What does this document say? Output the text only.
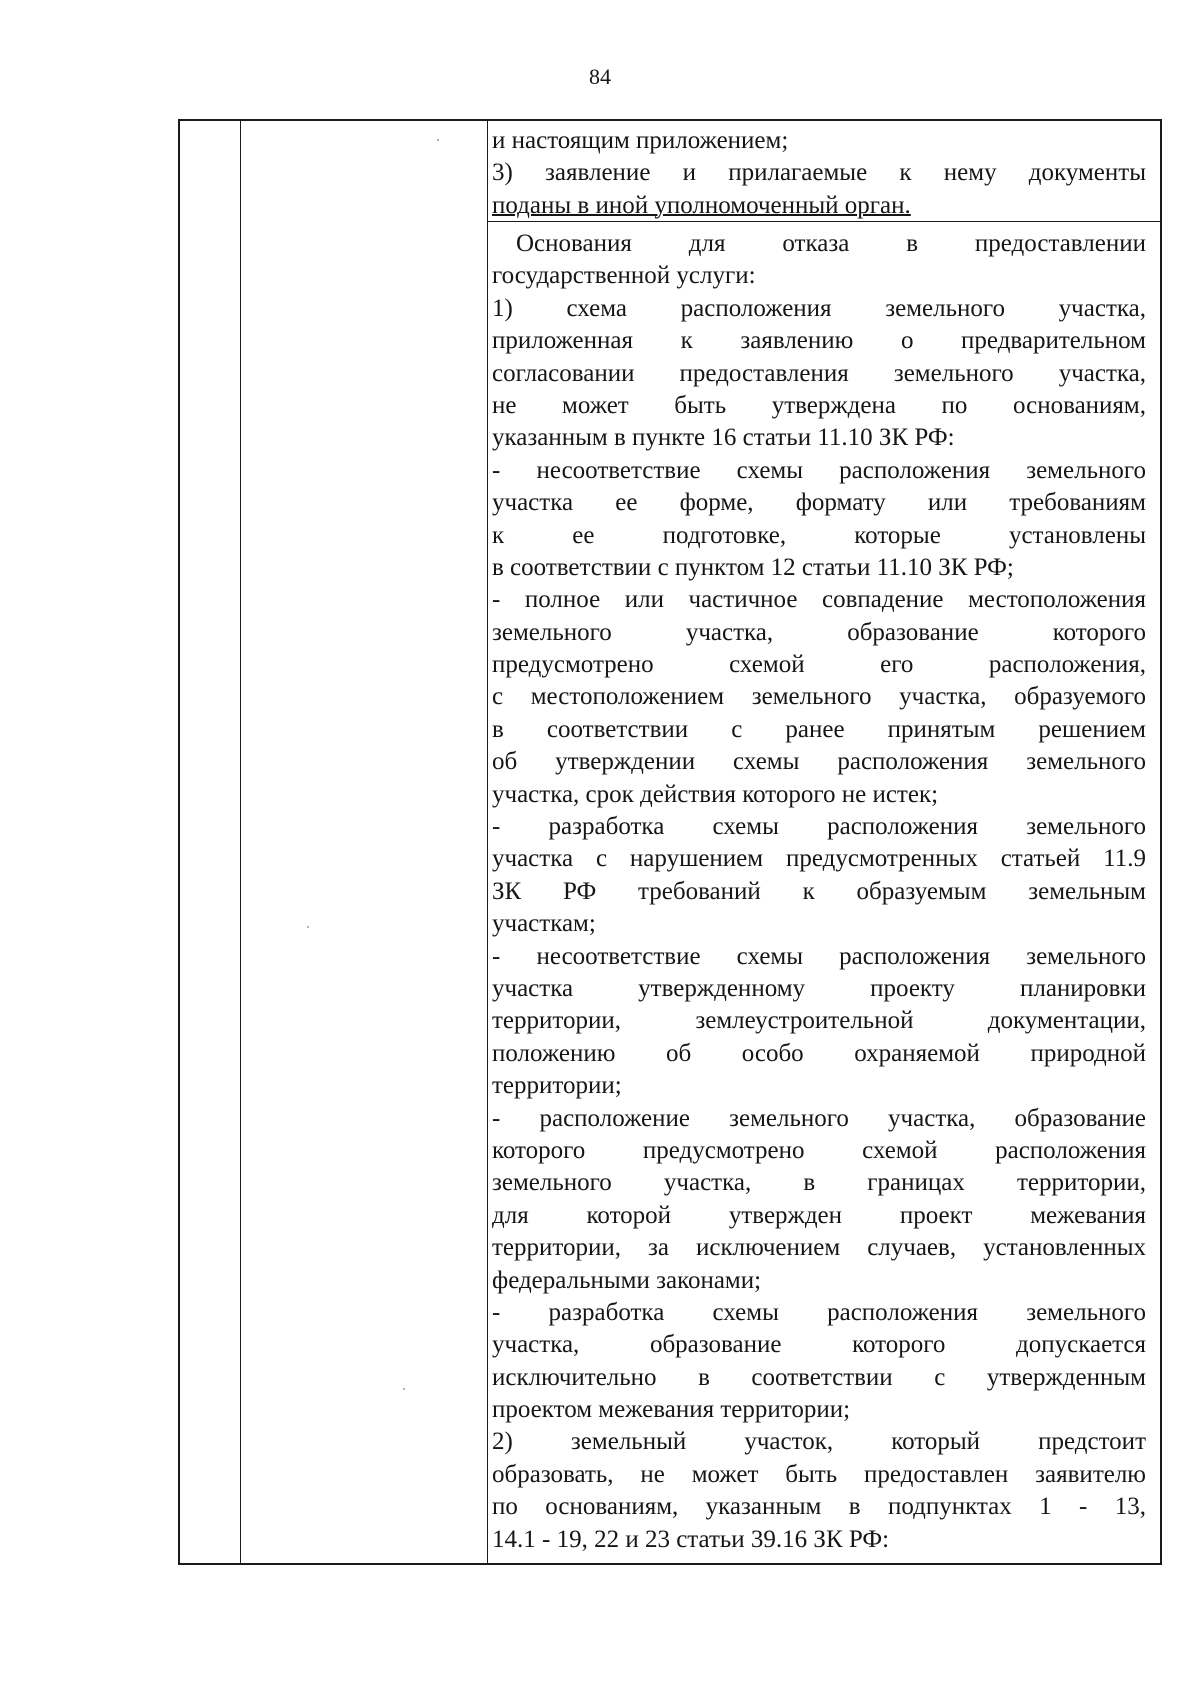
84
и настоящим приложением;
3) заявление и прилагаемые к нему документы
поданы в иной уполномоченный орган.
Основания для отказа в предоставлении
государственной услуги:
1) схема расположения земельного участка,
приложенная к заявлению о предварительном
согласовании предоставления земельного участка,
не может быть утверждена по основаниям,
указанным в пункте 16 статьи 11.10 ЗК РФ:
- несоответствие схемы расположения земельного
участка ее форме, формату или требованиям
к ее подготовке, которые установлены
в соответствии с пунктом 12 статьи 11.10 ЗК РФ;
- полное или частичное совпадение местоположения
земельного участка, образование которого
предусмотрено схемой его расположения,
с местоположением земельного участка, образуемого
в соответствии с ранее принятым решением
об утверждении схемы расположения земельного
участка, срок действия которого не истек;
- разработка схемы расположения земельного
участка с нарушением предусмотренных статьей 11.9
ЗК РФ требований к образуемым земельным
участкам;
- несоответствие схемы расположения земельного
участка утвержденному проекту планировки
территории, землеустроительной документации,
положению об особо охраняемой природной
территории;
- расположение земельного участка, образование
которого предусмотрено схемой расположения
земельного участка, в границах территории,
для которой утвержден проект межевания
территории, за исключением случаев, установленных
федеральными законами;
- разработка схемы расположения земельного
участка, образование которого допускается
исключительно в соответствии с утвержденным
проектом межевания территории;
2) земельный участок, который предстоит
образовать, не может быть предоставлен заявителю
по основаниям, указанным в подпунктах 1 - 13,
14.1 - 19, 22 и 23 статьи 39.16 ЗК РФ:
